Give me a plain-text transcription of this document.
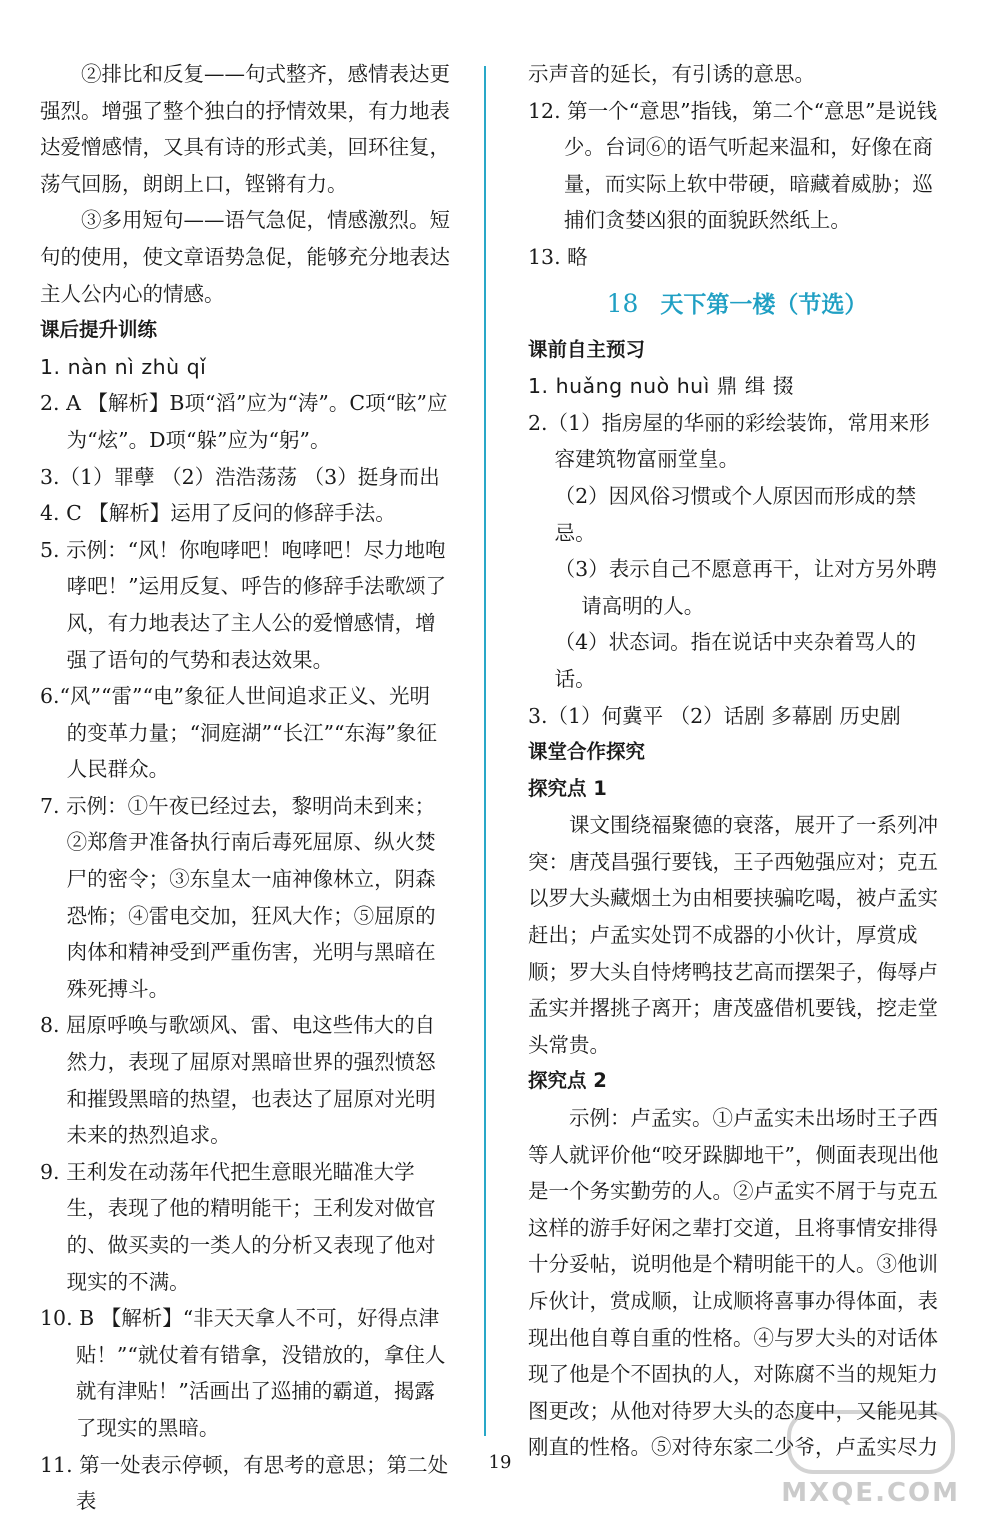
②排比和反复——句式整齐，感情表达更强烈。增强了整个独白的抒情效果，有力地表达爱憎感情，又具有诗的形式美，回环往复，荡气回肠，朗朗上口，铿锵有力。

③多用短句——语气急促，情感激烈。短句的使用，使文章语势急促，能够充分地表达主人公内心的情感。

课后提升训练

1. nàn nì zhù qǐ

2. A 【解析】B项“滔”应为“涛”。C项“眩”应为“炫”。D项“躲”应为“躬”。

3.（1）罪孽 （2）浩浩荡荡 （3）挺身而出

4. C 【解析】运用了反问的修辞手法。

5. 示例：“风！你咆哮吧！咆哮吧！尽力地咆哮吧！”运用反复、呼告的修辞手法歌颂了风，有力地表达了主人公的爱憎感情，增强了语句的气势和表达效果。

6.“风”“雷”“电”象征人世间追求正义、光明的变革力量；“洞庭湖”“长江”“东海”象征人民群众。

7. 示例：①午夜已经过去，黎明尚未到来；②郑詹尹准备执行南后毒死屈原、纵火焚尸的密令；③东皇太一庙神像林立，阴森恐怖；④雷电交加，狂风大作；⑤屈原的肉体和精神受到严重伤害，光明与黑暗在殊死搏斗。

8. 屈原呼唤与歌颂风、雷、电这些伟大的自然力，表现了屈原对黑暗世界的强烈愤怒和摧毁黑暗的热望，也表达了屈原对光明未来的热烈追求。

9. 王利发在动荡年代把生意眼光瞄准大学生，表现了他的精明能干；王利发对做官的、做买卖的一类人的分析又表现了他对现实的不满。

10. B 【解析】“非天天拿人不可，好得点津贴！”“就仗着有错拿，没错放的，拿住人就有津贴！”活画出了巡捕的霸道，揭露了现实的黑暗。

11. 第一处表示停顿，有思考的意思；第二处表

示声音的延长，有引诱的意思。

12. 第一个“意思”指钱，第二个“意思”是说钱少。台词⑥的语气听起来温和，好像在商量，而实际上软中带硬，暗藏着威胁；巡捕们贪婪凶狠的面貌跃然纸上。

13. 略

18 天下第一楼（节选）

课前自主预习

1. huǎng nuò huì 鼎 缉 掇

2.（1）指房屋的华丽的彩绘装饰，常用来形容建筑物富丽堂皇。

（2）因风俗习惯或个人原因而形成的禁忌。

（3）表示自己不愿意再干，让对方另外聘请高明的人。

（4）状态词。指在说话中夹杂着骂人的话。

3.（1）何冀平 （2）话剧 多幕剧 历史剧

课堂合作探究

探究点 1

课文围绕福聚德的衰落，展开了一系列冲突：唐茂昌强行要钱，王子西勉强应对；克五以罗大头藏烟土为由相要挟骗吃喝，被卢孟实赶出；卢孟实处罚不成器的小伙计，厚赏成顺；罗大头自恃烤鸭技艺高而摆架子，侮辱卢孟实并撂挑子离开；唐茂盛借机要钱，挖走堂头常贵。

探究点 2

示例：卢孟实。①卢孟实未出场时王子西等人就评价他“咬牙跺脚地干”，侧面表现出他是一个务实勤劳的人。②卢孟实不屑于与克五这样的游手好闲之辈打交道，且将事情安排得十分妥帖，说明他是个精明能干的人。③他训斥伙计，赏成顺，让成顺将喜事办得体面，表现出他自尊自重的性格。④与罗大头的对话体现了他是个不固执的人，对陈腐不当的规矩力图更改；从他对待罗大头的态度中，又能见其刚直的性格。⑤对待东家二少爷，卢孟实尽力

19
MXQE.COM
